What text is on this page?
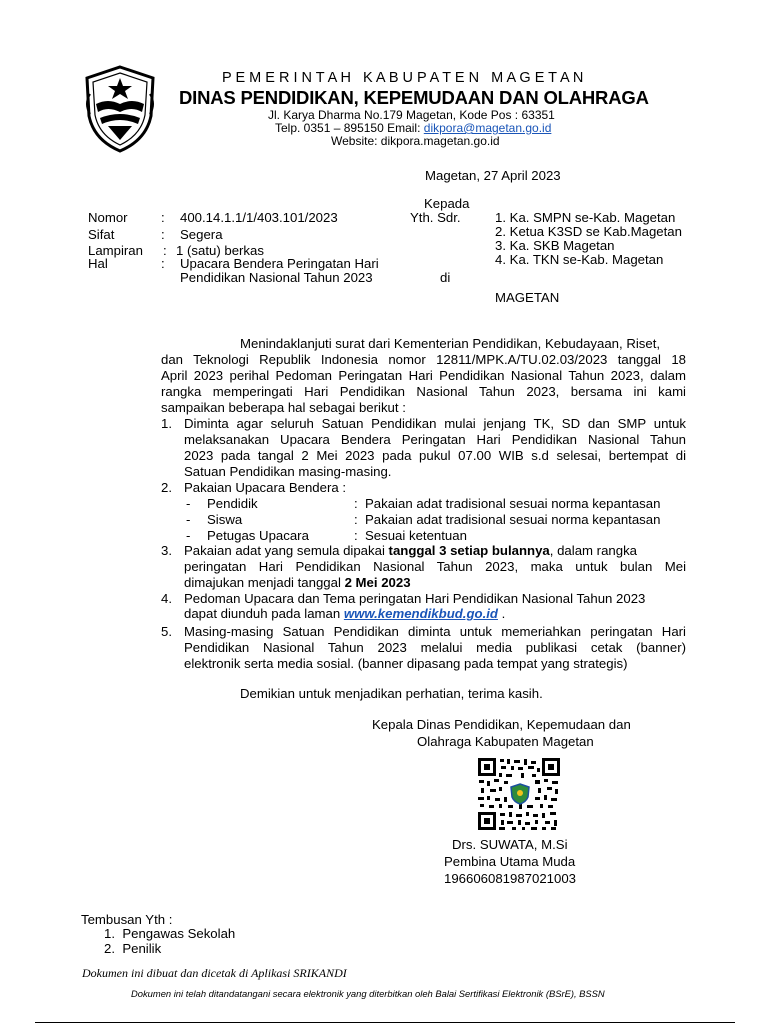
P E M E R I N T A H   K A B U P A T E N   M A G E T A N
DINAS PENDIDIKAN, KEPEMUDAAN DAN OLAHRAGA
Jl. Karya Dharma No.179 Magetan, Kode Pos : 63351
Telp. 0351 – 895150 Email: dikpora@magetan.go.id
Website: dikpora.magetan.go.id
Magetan, 27 April 2023
Kepada
Yth. Sdr.	1. Ka. SMPN se-Kab. Magetan
2. Ketua K3SD se Kab.Magetan
3. Ka. SKB Magetan
4. Ka. TKN se-Kab. Magetan
di
MAGETAN
Nomor	: 400.14.1.1/1/403.101/2023
Sifat	: Segera
Lampiran : 1 (satu) berkas
Hal	: Upacara Bendera Peringatan Hari
Pendidikan Nasional Tahun 2023
Menindaklanjuti surat dari Kementerian Pendidikan, Kebudayaan, Riset,
dan Teknologi Republik Indonesia nomor 12811/MPK.A/TU.02.03/2023 tanggal 18
April 2023 perihal Pedoman Peringatan Hari Pendidikan Nasional Tahun 2023, dalam
rangka memperingati Hari Pendidikan Nasional Tahun 2023, bersama ini kami
sampaikan beberapa hal sebagai berikut :
1. Diminta agar seluruh Satuan Pendidikan mulai jenjang TK, SD dan SMP untuk
melaksanakan Upacara Bendera Peringatan Hari Pendidikan Nasional Tahun
2023 pada tangal 2 Mei 2023 pada pukul 07.00 WIB s.d selesai, bertempat di
Satuan Pendidikan masing-masing.
2. Pakaian Upacara Bendera :
- Pendidik	: Pakaian adat tradisional sesuai norma kepantasan
- Siswa	: Pakaian adat tradisional sesuai norma kepantasan
- Petugas Upacara	: Sesuai ketentuan
3. Pakaian adat yang semula dipakai tanggal 3 setiap bulannya, dalam rangka
peringatan Hari Pendidikan Nasional Tahun 2023, maka untuk bulan Mei
dimajukan menjadi tanggal 2 Mei 2023
4. Pedoman Upacara dan Tema peringatan Hari Pendidikan Nasional Tahun 2023
dapat diunduh pada laman www.kemendikbud.go.id .
5. Masing-masing Satuan Pendidikan diminta untuk memeriahkan peringatan Hari
Pendidikan Nasional Tahun 2023 melalui media publikasi cetak (banner)
elektronik serta media sosial. (banner dipasang pada tempat yang strategis)
Demikian untuk menjadikan perhatian, terima kasih.
Kepala Dinas Pendidikan, Kepemudaan dan
Olahraga Kabupaten Magetan
Drs. SUWATA, M.Si
Pembina Utama Muda
196606081987021003
Tembusan Yth :
1.  Pengawas Sekolah
2.  Penilik
Dokumen ini dibuat dan dicetak di Aplikasi SRIKANDI
Dokumen ini telah ditandatangani secara elektronik yang diterbitkan oleh Balai Sertifikasi Elektronik (BSrE), BSSN
